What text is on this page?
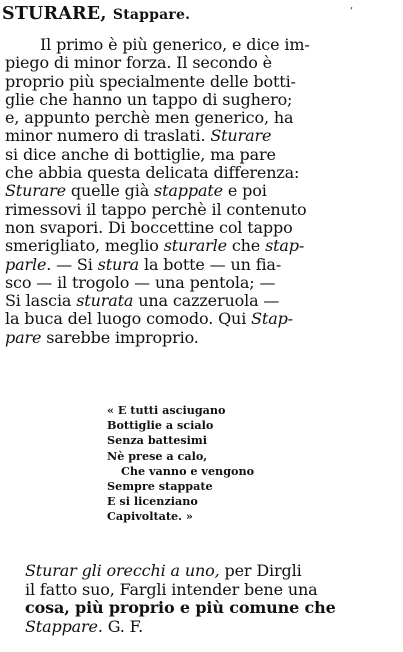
,
STURARE, Stappare.
Il primo è più generico, e dice im-
piego di minor forza. Il secondo è
proprio più specialmente delle botti-
glie che hanno un tappo di sughero;
e, appunto perchè men generico, ha
minor numero di traslati. Sturare
si dice anche di bottiglie, ma pare
che abbia questa delicata differenza:
Sturare quelle già stappate e poi
rimessovi il tappo perchè il contenuto
non svapori. Di boccettine col tappo
smerigliato, meglio sturarle che stap-
parle. — Si stura la botte — un fia-
sco — il trogolo — una pentola; —
Si lascia sturata una cazzeruola —
la buca del luogo comodo. Qui Stap-
pare sarebbe improprio.
« E tutti asciugano
Bottiglie a scialo
Senza battesimi
Nè prese a calo,
Che vanno e vengono
Sempre stappate
E si licenziano
Capivoltate. »
Sturar gli orecchi a uno, per Dirgli
il fatto suo, Fargli intender bene una
cosa, più proprio e più comune che
Stappare. G. F.
